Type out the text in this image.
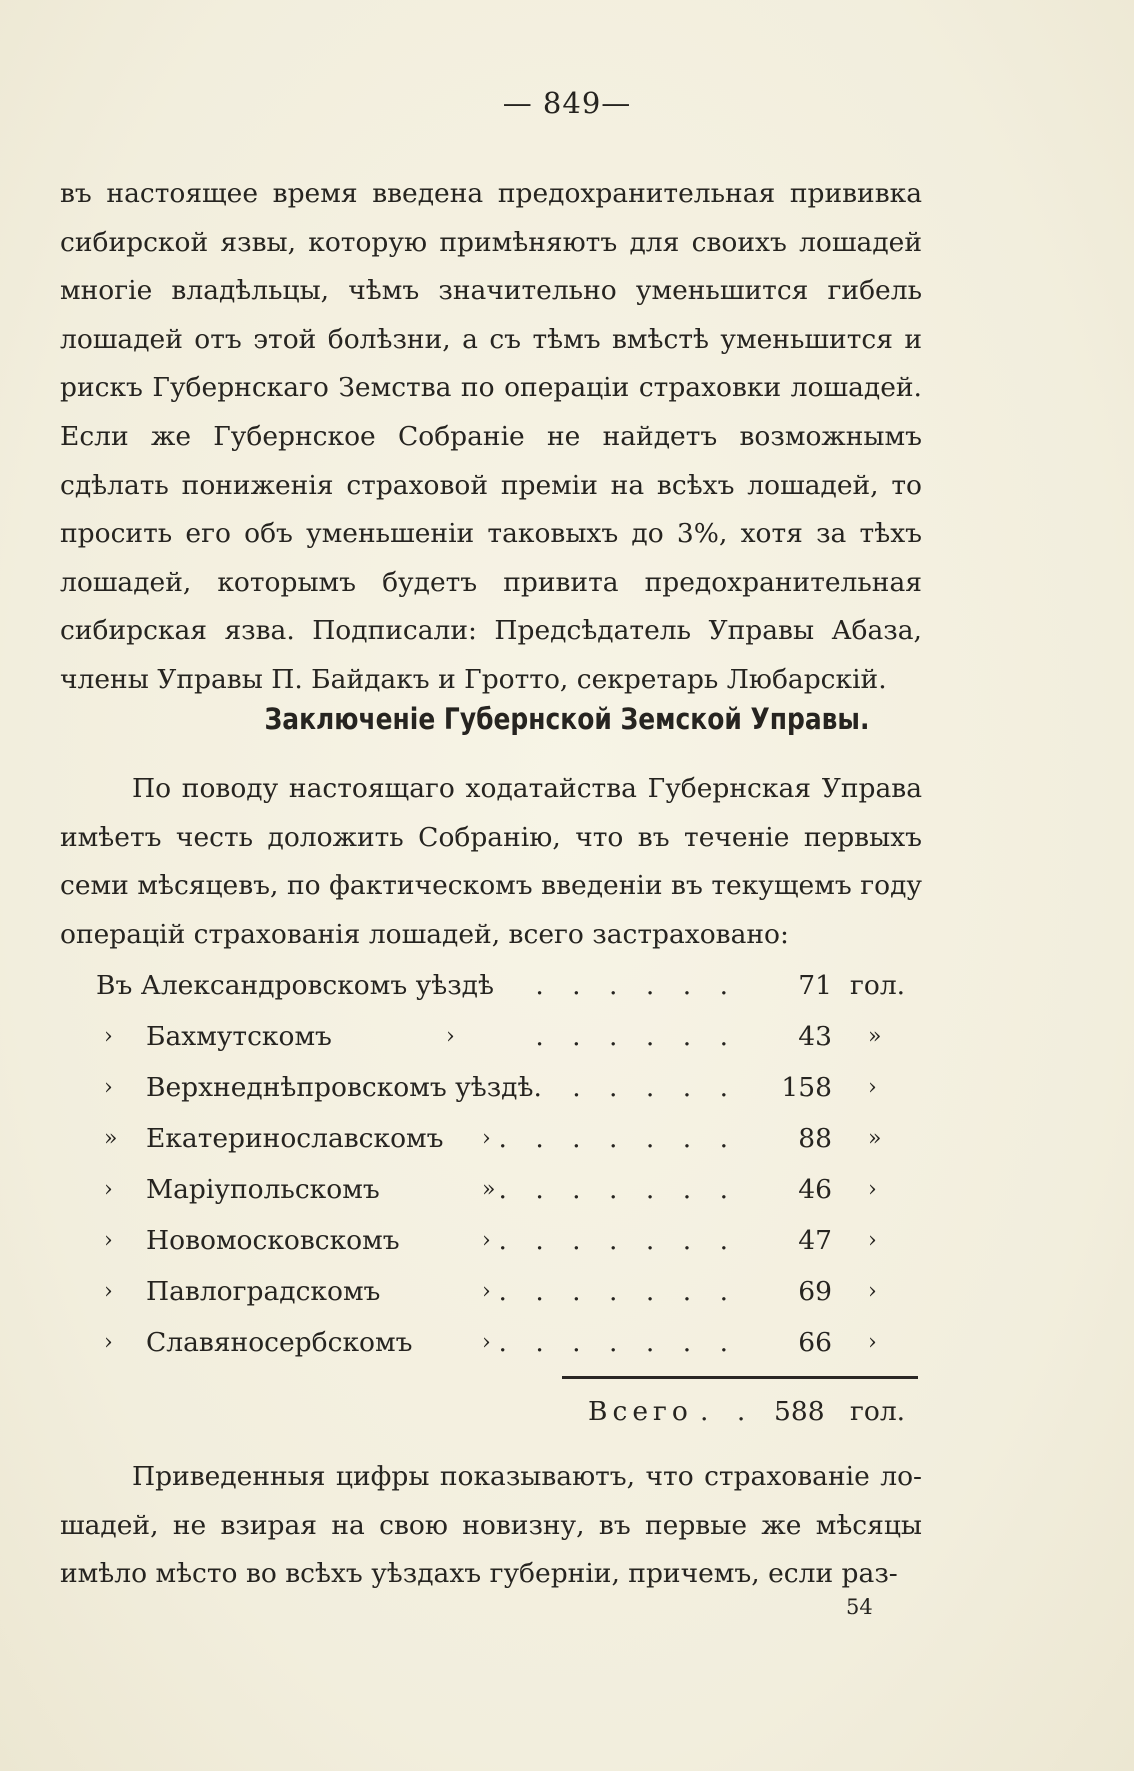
— 849—

въ настоящее время введена предохранительная прививка сибирской язвы, которую примѣняютъ для своихъ лошадей многіе владѣльцы, чѣмъ значительно уменьшится гибель лошадей отъ этой болѣзни, а съ тѣмъ вмѣстѣ уменьшится и рискъ Губернскаго Земства по операціи страховки лошадей. Если же Губернское Собраніе не найдетъ возможнымъ сдѣлать пониженія страховой преміи на всѣхъ лошадей, то просить его объ уменьшеніи таковыхъ до 3%, хотя за тѣхъ лошадей, которымъ будетъ привита предохранительная сибирская язва. Подписали: Предсѣдатель Управы Абаза, члены Управы П. Байдакъ и Гротто, секретарь Любарскій.

Заключеніе Губернской Земской Управы.

По поводу настоящаго ходатайства Губернская Управа имѣетъ честь доложить Собранію, что въ теченіе первыхъ семи мѣсяцевъ, по фактическомъ введеніи въ текущемъ году операцій страхованія лошадей, всего застраховано:

Въ Александровскомъ уѣздѣ . . . . . .	71 гол.
› Бахмутскомъ	›	. . . . . .	43 »
› Верхнеднѣпровскомъ уѣздѣ. . . . . .	158 ›
» Екатеринославскомъ › . . . . . . .	88 »
› Маріупольскомъ	» . . . . . . .	46 ›
› Новомосковскомъ	› . . . . . . .	47 ›
› Павлоградскомъ	› . . . . . . .	69 ›
› Славяносербскомъ	› . . . . . . .	66 ›
Всего . . 588 гол.

Приведенныя цифры показываютъ, что страхованіе лошадей, не взирая на свою новизну, въ первые же мѣсяцы имѣло мѣсто во всѣхъ уѣздахъ губерніи, причемъ, если раз-

54
